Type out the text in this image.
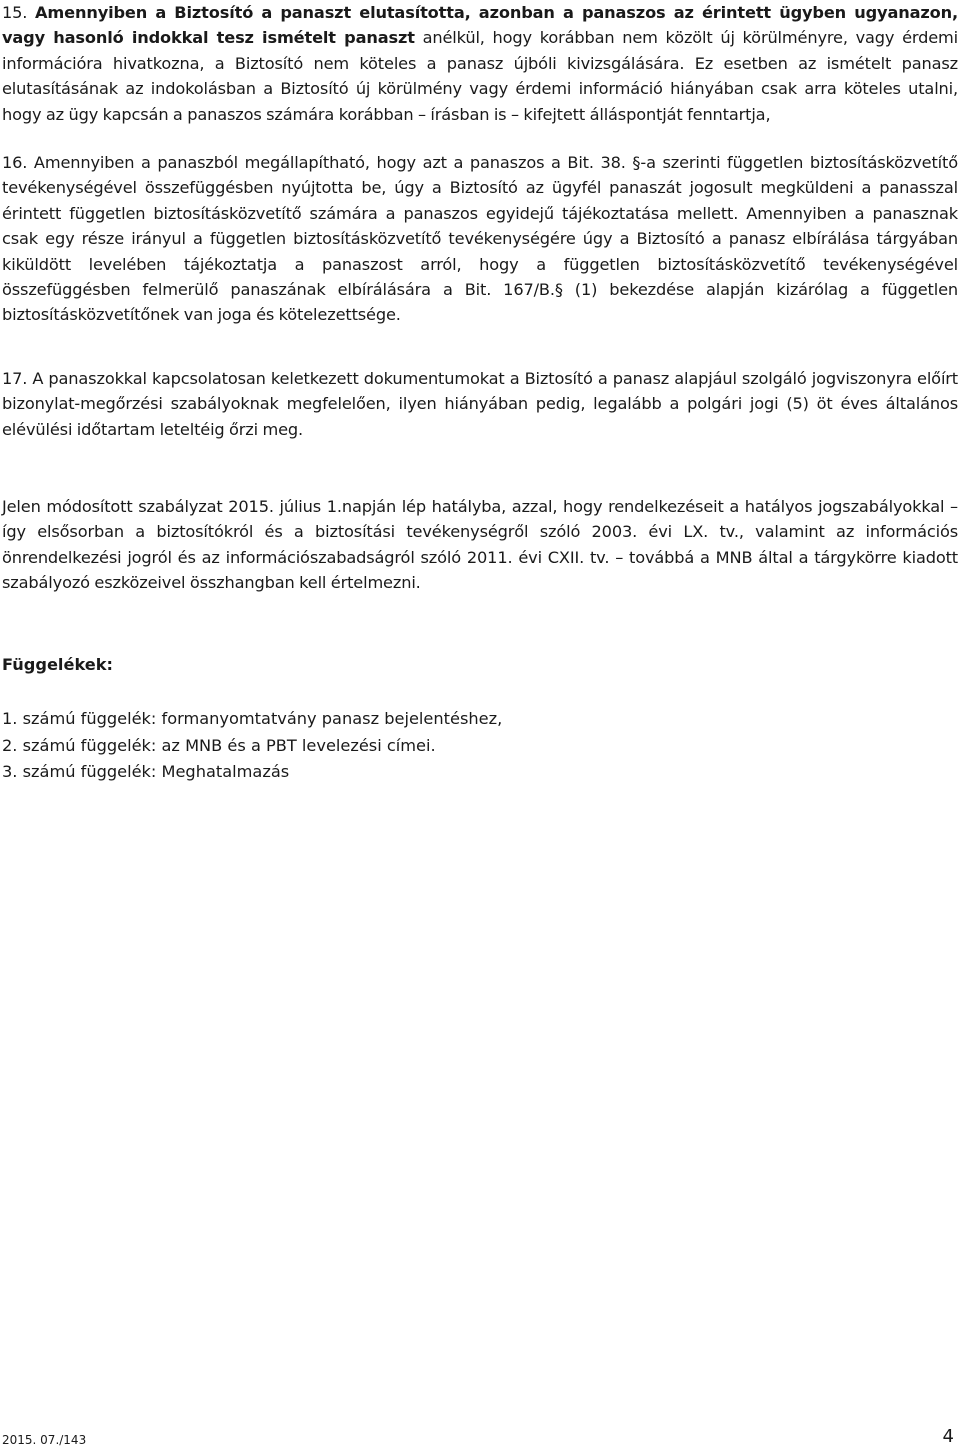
15. Amennyiben a Biztosító a panaszt elutasította, azonban a panaszos az érintett ügyben ugyanazon, vagy hasonló indokkal tesz ismételt panaszt anélkül, hogy korábban nem közölt új körülményre, vagy érdemi információra hivatkozna, a Biztosító nem köteles a panasz újbóli kivizsgálására. Ez esetben az ismételt panasz elutasításának az indokolásban a Biztosító új körülmény vagy érdemi információ hiányában csak arra köteles utalni, hogy az ügy kapcsán a panaszos számára korábban – írásban is – kifejtett álláspontját fenntartja,
16. Amennyiben a panaszból megállapítható, hogy azt a panaszos a Bit. 38. §-a szerinti független biztosításközvetítő tevékenységével összefüggésben nyújtotta be, úgy a Biztosító az ügyfél panaszát jogosult megküldeni a panasszal érintett független biztosításközvetítő számára a panaszos egyidejű tájékoztatása mellett. Amennyiben a panasznak csak egy része irányul a független biztosításközvetítő tevékenységére úgy a Biztosító a panasz elbírálása tárgyában kiküldött levelében tájékoztatja a panaszost arról, hogy a független biztosításközvetítő tevékenységével összefüggésben felmerülő panaszának elbírálására a Bit. 167/B.§ (1) bekezdése alapján kizárólag a független biztosításközvetítőnek van joga és kötelezettsége.
17. A panaszokkal kapcsolatosan keletkezett dokumentumokat a Biztosító a panasz alapjául szolgáló jogviszonyra előírt bizonylat-megőrzési szabályoknak megfelelően, ilyen hiányában pedig, legalább a polgári jogi (5) öt éves általános elévülési időtartam leteltéig őrzi meg.
Jelen módosított szabályzat 2015. július 1.napján lép hatályba, azzal, hogy rendelkezéseit a hatályos jogszabályokkal – így elsősorban a biztosítókról és a biztosítási tevékenységről szóló 2003. évi LX. tv., valamint az információs önrendelkezési jogról és az információszabadságról szóló 2011. évi CXII. tv. – továbbá a MNB által a tárgykörre kiadott szabályozó eszközeivel összhangban kell értelmezni.
Függelékek:
1. számú függelék: formanyomtatvány panasz bejelentéshez,
2. számú függelék: az MNB és a PBT levelezési címei.
3. számú függelék: Meghatalmazás
2015. 07./143	4
